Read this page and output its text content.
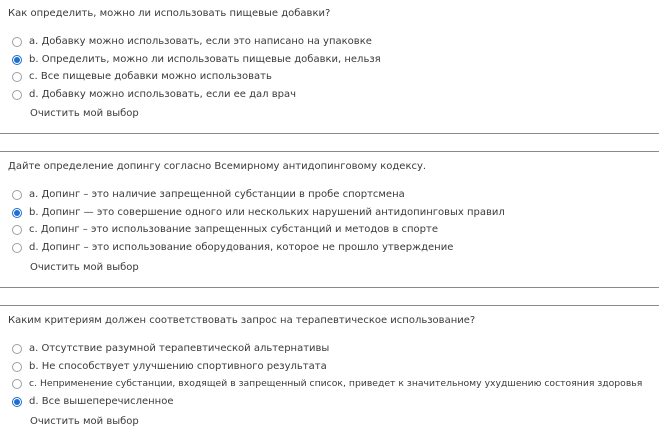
Как определить, можно ли использовать пищевые добавки?
a. Добавку можно использовать, если это написано на упаковке
b. Определить, можно ли использовать пищевые добавки, нельзя
c. Все пищевые добавки можно использовать
d. Добавку можно использовать, если ее дал врач
Очистить мой выбор
Дайте определение допингу согласно Всемирному антидопинговому кодексу.
a. Допинг – это наличие запрещенной субстанции в пробе спортсмена
b. Допинг — это совершение одного или нескольких нарушений антидопинговых правил
c. Допинг – это использование запрещенных субстанций и методов в спорте
d. Допинг – это использование оборудования, которое не прошло утверждение
Очистить мой выбор
Каким критериям должен соответствовать запрос на терапевтическое использование?
a. Отсутствие разумной терапевтической альтернативы
b. Не способствует улучшению спортивного результата
c. Неприменение субстанции, входящей в запрещенный список, приведет к значительному ухудшению состояния здоровья
d. Все вышеперечисленное
Очистить мой выбор
